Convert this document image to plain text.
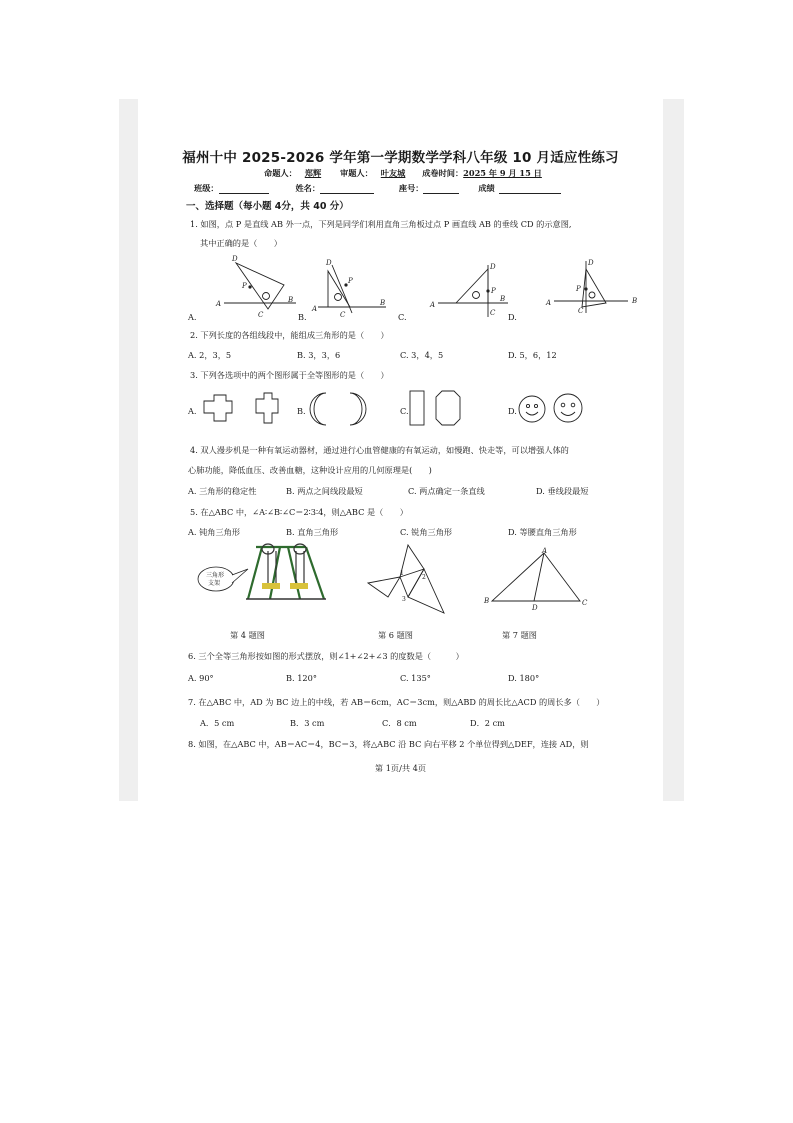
福州十中 2025-2026 学年第一学期数学学科八年级 10 月适应性练习
命题人： 郑辉 审题人： 叶友城 成卷时间：2025 年 9 月 15 日
班级：	姓名：	座号：	成绩
一、选择题（每小题 4分，共 40 分）
1. 如图，点 P 是直线 AB 外一点，下列是同学们利用直角三角板过点 P 画直线 AB 的垂线 CD 的示意图,
其中正确的是（　　）
D
A	B
P
C
D
A
B
P
C
D
A
B
P
C
D
A	B
P
C
A.	B.	C.	D.
2. 下列长度的各组线段中，能组成三角形的是（　　）
A. 2，3，5	B. 3，3，6	C. 3，4，5	D. 5，6，12
3. 下列各选项中的两个图形属于全等图形的是（　　）
A.	B.	C.	D.
4. 双人漫步机是一种有氧运动器材，通过进行心血管健康的有氧运动，如慢跑、快走等，可以增强人体的
心肺功能，降低血压、改善血糖，这种设计应用的几何原理是(　　)
A. 三角形的稳定性	B. 两点之间线段最短	C. 两点确定一条直线	D. 垂线段最短
5. 在△ABC 中，∠A∶∠B∶∠C＝2∶3∶4，则△ABC 是（　　）
A. 钝角三角形	B. 直角三角形	C. 锐角三角形	D. 等腰直角三角形
三角形
支架
1
2
3
A
B
D
C
第 4 题图	第 6 题图	第 7 题图
6. 三个全等三角形按如图的形式摆放，则∠1+∠2+∠3 的度数是（　　　）
A. 90°	B. 120°	C. 135°	D. 180°
7. 在△ABC 中，AD 为 BC 边上的中线，若 AB＝6cm，AC＝3cm，则△ABD 的周长比△ACD 的周长多（　　）
A．5 cm	B．3 cm	C．8 cm	D．2 cm
8. 如图，在△ABC 中，AB＝AC＝4，BC＝3，将△ABC 沿 BC 向右平移 2 个单位得到△DEF，连接 AD，则
第 1页/共 4页
